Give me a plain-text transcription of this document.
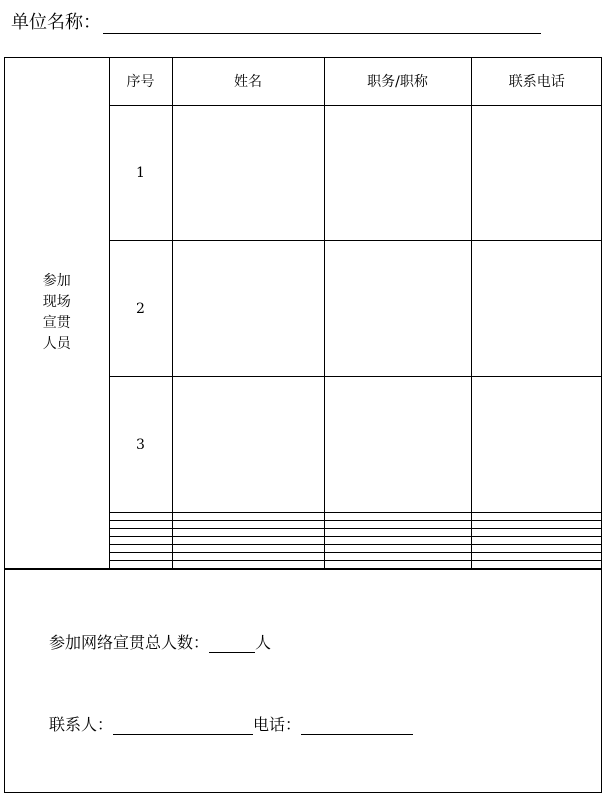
单位名称：
参加
现场
宣贯
人员	序号	姓名	职务/职称	联系电话
	1			
	2			
	3			

参加网络宣贯总人数：	人
联系人：	电话：
